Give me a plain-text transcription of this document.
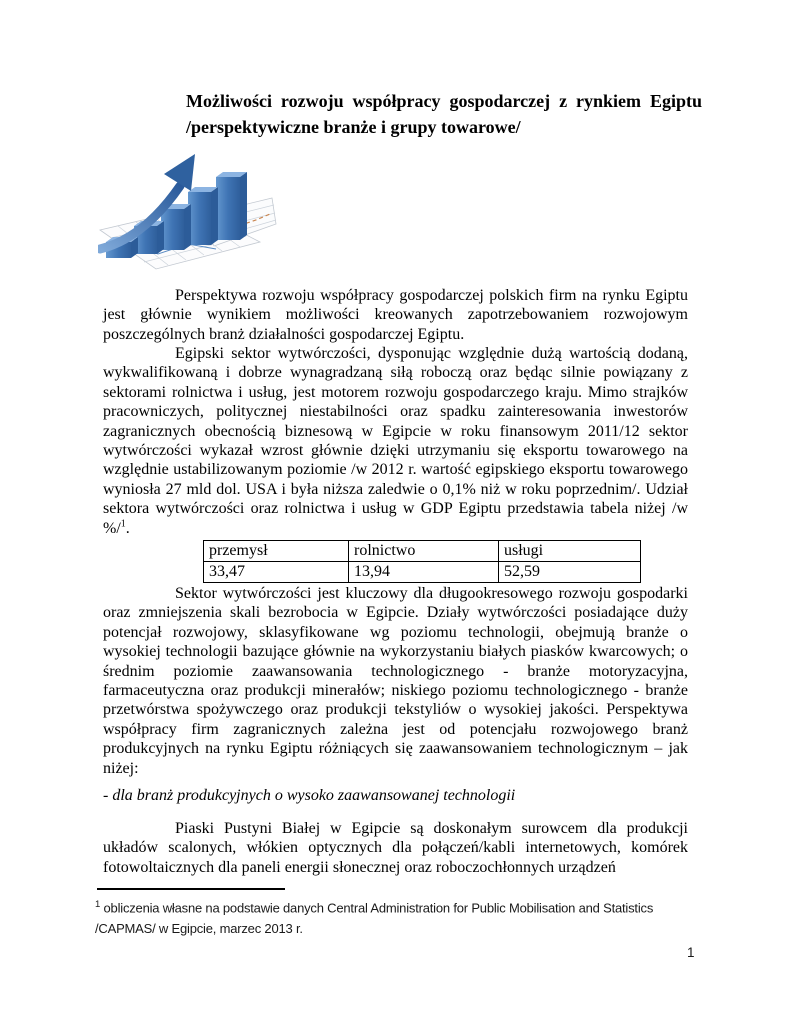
Możliwości rozwoju współpracy gospodarczej z rynkiem Egiptu
/perspektywiczne branże i grupy towarowe/

Perspektywa rozwoju współpracy gospodarczej polskich firm na rynku Egiptu jest głównie wynikiem możliwości kreowanych zapotrzebowaniem rozwojowym poszczególnych branż działalności gospodarczej Egiptu.

Egipski sektor wytwórczości, dysponując względnie dużą wartością dodaną, wykwalifikowaną i dobrze wynagradzaną siłą roboczą oraz będąc silnie powiązany z sektorami rolnictwa i usług, jest motorem rozwoju gospodarczego kraju. Mimo strajków pracowniczych, politycznej niestabilności oraz spadku zainteresowania inwestorów zagranicznych obecnością biznesową w Egipcie w roku finansowym 2011/12 sektor wytwórczości wykazał wzrost głównie dzięki utrzymaniu się eksportu towarowego na względnie ustabilizowanym poziomie /w 2012 r. wartość egipskiego eksportu towarowego wyniosła 27 mld dol. USA i była niższa zaledwie o 0,1% niż w roku poprzednim/. Udział sektora wytwórczości oraz rolnictwa i usług w GDP Egiptu przedstawia tabela niżej /w %/$^1$.

przemysł	rolnictwo	usługi
33,47	13,94	52,59

Sektor wytwórczości jest kluczowy dla długookresowego rozwoju gospodarki oraz zmniejszenia skali bezrobocia w Egipcie. Działy wytwórczości posiadające duży potencjał rozwojowy, sklasyfikowane wg poziomu technologii, obejmują branże o wysokiej technologii bazujące głównie na wykorzystaniu białych piasków kwarcowych; o średnim poziomie zaawansowania technologicznego - branże motoryzacyjna, farmaceutyczna oraz produkcji minerałów; niskiego poziomu technologicznego - branże przetwórstwa spożywczego oraz produkcji tekstyliów o wysokiej jakości. Perspektywa współpracy firm zagranicznych zależna jest od potencjału rozwojowego branż produkcyjnych na rynku Egiptu różniących się zaawansowaniem technologicznym – jak niżej:

- dla branż produkcyjnych o wysoko zaawansowanej technologii

Piaski Pustyni Białej w Egipcie są doskonałym surowcem dla produkcji układów scalonych, włókien optycznych dla połączeń/kabli internetowych, komórek fotowoltaicznych dla paneli energii słonecznej oraz roboczochłonnych urządzeń

$^1$ obliczenia własne na podstawie danych Central Administration for Public Mobilisation and Statistics /CAPMAS/ w Egipcie, marzec 2013 r.
1
